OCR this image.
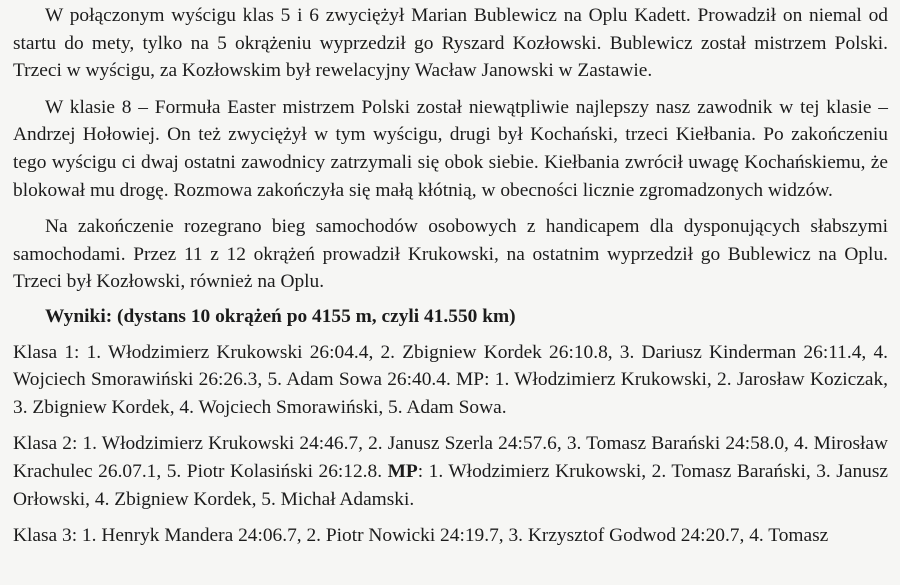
W połączonym wyścigu klas 5 i 6 zwyciężył Marian Bublewicz na Oplu Kadett. Prowadził on niemal od startu do mety, tylko na 5 okrążeniu wyprzedził go Ryszard Kozłowski. Bublewicz został mistrzem Polski. Trzeci w wyścigu, za Kozłowskim był rewelacyjny Wacław Janowski w Zastawie.

W klasie 8 – Formuła Easter mistrzem Polski został niewątpliwie najlepszy nasz zawodnik w tej klasie – Andrzej Hołowiej. On też zwyciężył w tym wyścigu, drugi był Kochański, trzeci Kiełbania. Po zakończeniu tego wyścigu ci dwaj ostatni zawodnicy zatrzymali się obok siebie. Kiełbania zwrócił uwagę Kochańskiemu, że blokował mu drogę. Rozmowa zakończyła się małą kłótnią, w obecności licznie zgromadzonych widzów.

Na zakończenie rozegrano bieg samochodów osobowych z handicapem dla dysponujących słabszymi samochodami. Przez 11 z 12 okrążeń prowadził Krukowski, na ostatnim wyprzedził go Bublewicz na Oplu. Trzeci był Kozłowski, również na Oplu.

Wyniki: (dystans 10 okrążeń po 4155 m, czyli 41.550 km)

Klasa 1: 1. Włodzimierz Krukowski 26:04.4, 2. Zbigniew Kordek 26:10.8, 3. Dariusz Kinderman 26:11.4, 4. Wojciech Smorawiński 26:26.3, 5. Adam Sowa 26:40.4. MP: 1. Włodzimierz Krukowski, 2. Jarosław Koziczak, 3. Zbigniew Kordek, 4. Wojciech Smorawiński, 5. Adam Sowa.

Klasa 2: 1. Włodzimierz Krukowski 24:46.7, 2. Janusz Szerla 24:57.6, 3. Tomasz Barański 24:58.0, 4. Mirosław Krachulec 26.07.1, 5. Piotr Kolasiński 26:12.8. MP: 1. Włodzimierz Krukowski, 2. Tomasz Barański, 3. Janusz Orłowski, 4. Zbigniew Kordek, 5. Michał Adamski.

Klasa 3: 1. Henryk Mandera 24:06.7, 2. Piotr Nowicki 24:19.7, 3. Krzysztof Godwod 24:20.7, 4. Tomasz
